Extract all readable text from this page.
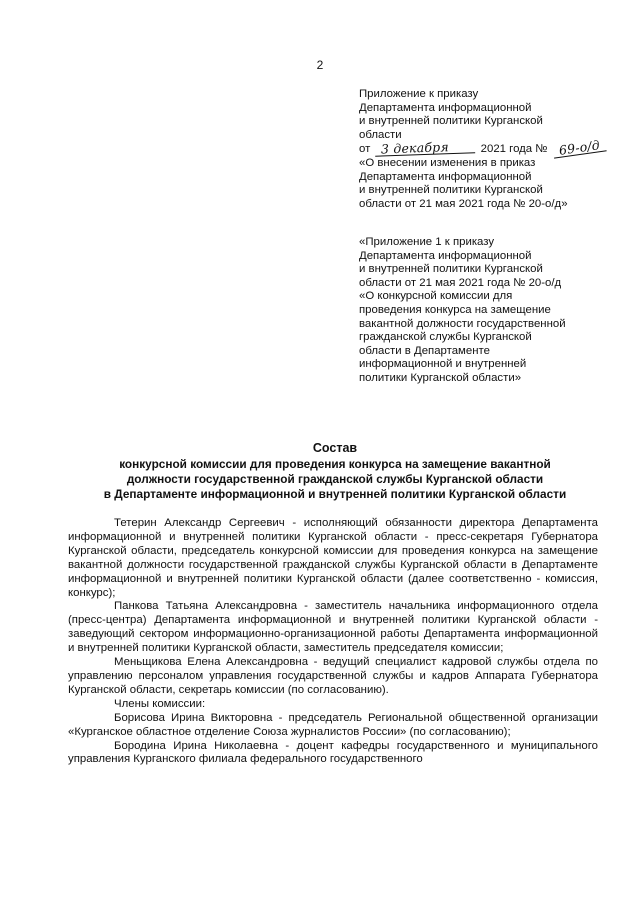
2

Приложение к приказу

Департамента информационной

и внутренней политики Курганской

области

от 3 декабря	2021 года № 69-о/д

«О внесении изменения в приказ

Департамента информационной

и внутренней политики Курганской

области от 21 мая 2021 года № 20-о/д»

«Приложение 1 к приказу

Департамента информационной

и внутренней политики Курганской

области от 21 мая 2021 года № 20-о/д

«О конкурсной комиссии для

проведения конкурса на замещение

вакантной должности государственной

гражданской службы Курганской

области в Департаменте

информационной и внутренней

политики Курганской области»

Состав

конкурсной комиссии для проведения конкурса на замещение вакантной

должности государственной гражданской службы Курганской области

в Департаменте информационной и внутренней политики Курганской области

Тетерин Александр Сергеевич - исполняющий обязанности директора Департамента информационной и внутренней политики Курганской области - пресс-секретаря Губернатора Курганской области, председатель конкурсной комиссии для проведения конкурса на замещение вакантной должности государственной гражданской службы Курганской области в Департаменте информационной и внутренней политики Курганской области (далее соответственно - комиссия, конкурс);

Панкова Татьяна Александровна - заместитель начальника информационного отдела (пресс-центра) Департамента информационной и внутренней политики Курганской области - заведующий сектором информационно-организационной работы Департамента информационной и внутренней политики Курганской области, заместитель председателя комиссии;

Меньщикова Елена Александровна - ведущий специалист кадровой службы отдела по управлению персоналом управления государственной службы и кадров Аппарата Губернатора Курганской области, секретарь комиссии (по согласованию).

Члены комиссии:

Борисова Ирина Викторовна - председатель Региональной общественной организации «Курганское областное отделение Союза журналистов России» (по согласованию);

Бородина Ирина Николаевна - доцент кафедры государственного и муниципального управления Курганского филиала федерального государственного
